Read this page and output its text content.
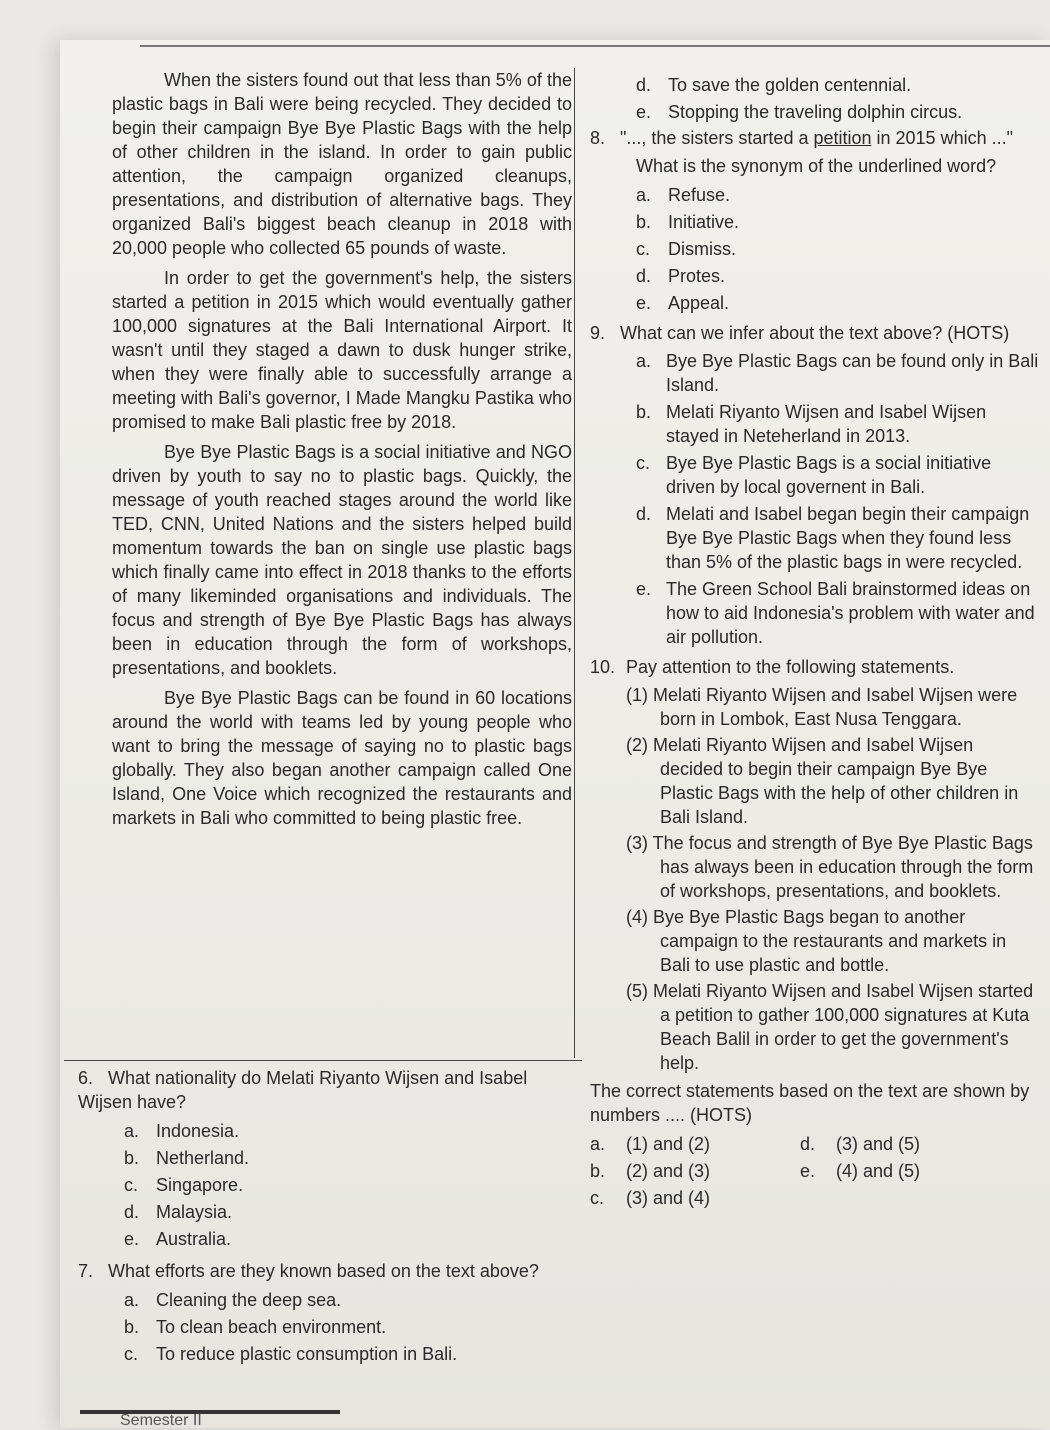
When the sisters found out that less than 5% of the plastic bags in Bali were being recycled. They decided to begin their campaign Bye Bye Plastic Bags with the help of other children in the island. In order to gain public attention, the campaign organized cleanups, presentations, and distribution of alternative bags. They organized Bali's biggest beach cleanup in 2018 with 20,000 people who collected 65 pounds of waste.

In order to get the government's help, the sisters started a petition in 2015 which would eventually gather 100,000 signatures at the Bali International Airport. It wasn't until they staged a dawn to dusk hunger strike, when they were finally able to successfully arrange a meeting with Bali's governor, I Made Mangku Pastika who promised to make Bali plastic free by 2018.

Bye Bye Plastic Bags is a social initiative and NGO driven by youth to say no to plastic bags. Quickly, the message of youth reached stages around the world like TED, CNN, United Nations and the sisters helped build momentum towards the ban on single use plastic bags which finally came into effect in 2018 thanks to the efforts of many likeminded organisations and individuals. The focus and strength of Bye Bye Plastic Bags has always been in education through the form of workshops, presentations, and booklets.

Bye Bye Plastic Bags can be found in 60 locations around the world with teams led by young people who want to bring the message of saying no to plastic bags globally. They also began another campaign called One Island, One Voice which recognized the restaurants and markets in Bali who committed to being plastic free.

6. What nationality do Melati Riyanto Wijsen and Isabel Wijsen have?
a. Indonesia.
b. Netherland.
c. Singapore.
d. Malaysia.
e. Australia.
7. What efforts are they known based on the text above?
a. Cleaning the deep sea.
b. To clean beach environment.
c. To reduce plastic consumption in Bali.
d. To save the golden centennial.
e. Stopping the traveling dolphin circus.
8. "..., the sisters started a petition in 2015 which ..."
What is the synonym of the underlined word?
a. Refuse.
b. Initiative.
c. Dismiss.
d. Protes.
e. Appeal.
9. What can we infer about the text above? (HOTS)
a. Bye Bye Plastic Bags can be found only in Bali Island.
b. Melati Riyanto Wijsen and Isabel Wijsen stayed in Neteherland in 2013.
c. Bye Bye Plastic Bags is a social initiative driven by local governent in Bali.
d. Melati and Isabel began begin their campaign Bye Bye Plastic Bags when they found less than 5% of the plastic bags in were recycled.
e. The Green School Bali brainstormed ideas on how to aid Indonesia's problem with water and air pollution.
10. Pay attention to the following statements.
(1) Melati Riyanto Wijsen and Isabel Wijsen were born in Lombok, East Nusa Tenggara.
(2) Melati Riyanto Wijsen and Isabel Wijsen decided to begin their campaign Bye Bye Plastic Bags with the help of other children in Bali Island.
(3) The focus and strength of Bye Bye Plastic Bags has always been in education through the form of workshops, presentations, and booklets.
(4) Bye Bye Plastic Bags began to another campaign to the restaurants and markets in Bali to use plastic and bottle.
(5) Melati Riyanto Wijsen and Isabel Wijsen started a petition to gather 100,000 signatures at Kuta Beach Balil in order to get the government's help.
The correct statements based on the text are shown by numbers .... (HOTS)
a. (1) and (2)	d. (3) and (5)
b. (2) and (3)	e. (4) and (5)
c. (3) and (4)
Semester II
